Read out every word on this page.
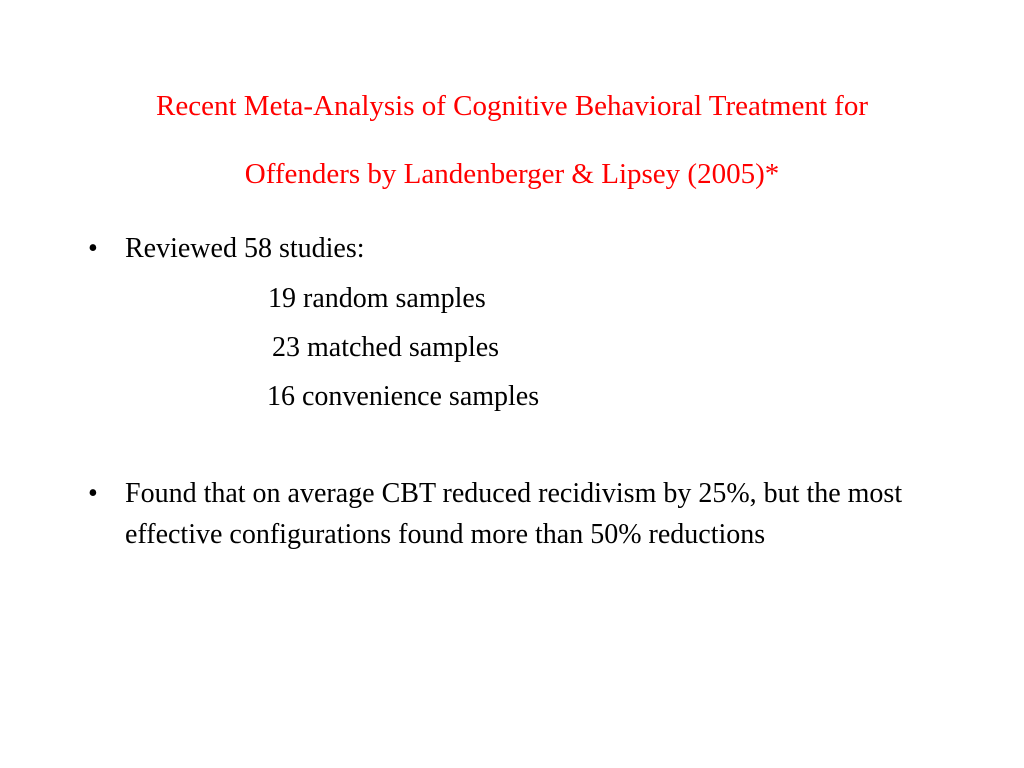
Recent Meta-Analysis of Cognitive Behavioral Treatment for
Offenders by Landenberger & Lipsey (2005)*
• Reviewed 58 studies:
19 random samples
23 matched samples
16 convenience samples
• Found that on average CBT reduced recidivism by 25%, but the most effective configurations found more than 50% reductions
